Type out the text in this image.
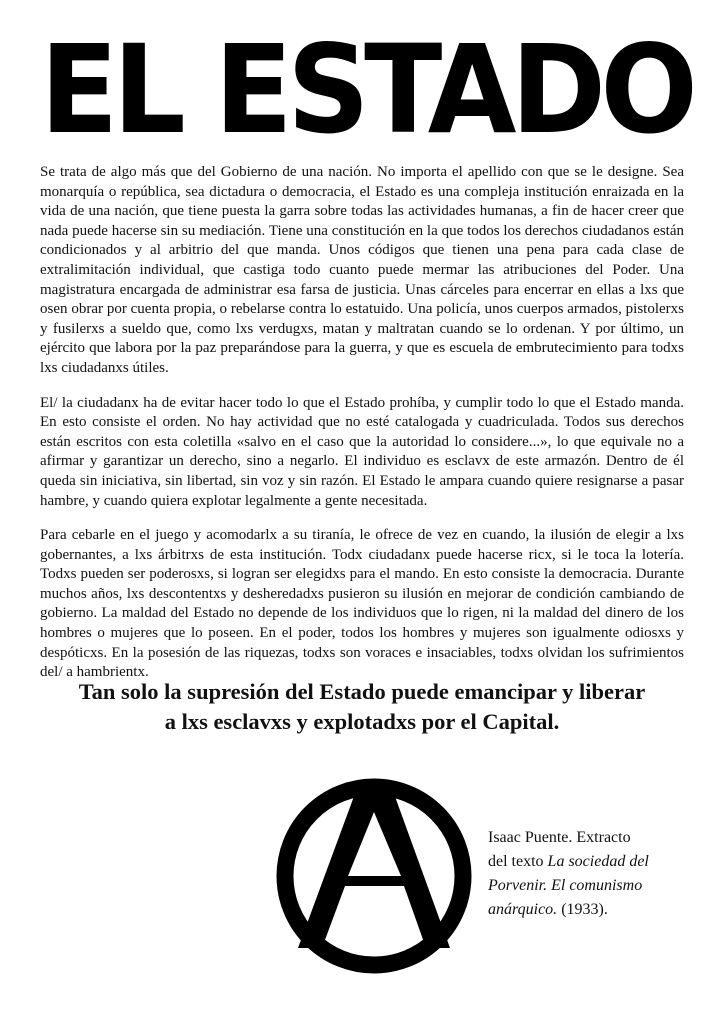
EL ESTADO

Se trata de algo más que del Gobierno de una nación. No importa el apellido con que se le designe. Sea monarquía o república, sea dictadura o democracia, el Estado es una compleja institución enraizada en la vida de una nación, que tiene puesta la garra sobre todas las actividades humanas, a fin de hacer creer que nada puede hacerse sin su mediación. Tiene una constitución en la que todos los derechos ciudadanos están condicionados y al arbitrio del que manda. Unos códigos que tienen una pena para cada clase de extralimitación individual, que castiga todo cuanto puede mermar las atribuciones del Poder. Una magistratura encargada de administrar esa farsa de justicia. Unas cárceles para encerrar en ellas a lxs que osen obrar por cuenta propia, o rebelarse contra lo estatuido. Una policía, unos cuerpos armados, pistolerxs y fusilerxs a sueldo que, como lxs verdugxs, matan y maltratan cuando se lo ordenan. Y por último, un ejército que labora por la paz preparándose para la guerra, y que es escuela de embrutecimiento para todxs lxs ciudadanxs útiles.

El/ la ciudadanx ha de evitar hacer todo lo que el Estado prohíba, y cumplir todo lo que el Estado manda. En esto consiste el orden. No hay actividad que no esté catalogada y cuadriculada. Todos sus derechos están escritos con esta coletilla «salvo en el caso que la autoridad lo considere...», lo que equivale no a afirmar y garantizar un derecho, sino a negarlo. El individuo es esclavx de este armazón. Dentro de él queda sin iniciativa, sin libertad, sin voz y sin razón. El Estado le ampara cuando quiere resignarse a pasar hambre, y cuando quiera explotar legalmente a gente necesitada.

Para cebarle en el juego y acomodarlx a su tiranía, le ofrece de vez en cuando, la ilusión de elegir a lxs gobernantes, a lxs árbitrxs de esta institución. Todx ciudadanx puede hacerse ricx, si le toca la lotería. Todxs pueden ser poderosxs, si logran ser elegidxs para el mando. En esto consiste la democracia. Durante muchos años, lxs descontentxs y desheredadxs pusieron su ilusión en mejorar de condición cambiando de gobierno. La maldad del Estado no depende de los individuos que lo rigen, ni la maldad del dinero de los hombres o mujeres que lo poseen. En el poder, todos los hombres y mujeres son igualmente odiosxs y despóticxs. En la posesión de las riquezas, todxs son voraces e insaciables, todxs olvidan los sufrimientos del/ a hambrientx.

Tan solo la supresión del Estado puede emancipar y liberar
a lxs esclavxs y explotadxs por el Capital.

Isaac Puente. Extracto
del texto La sociedad del
Porvenir. El comunismo
anárquico. (1933).
